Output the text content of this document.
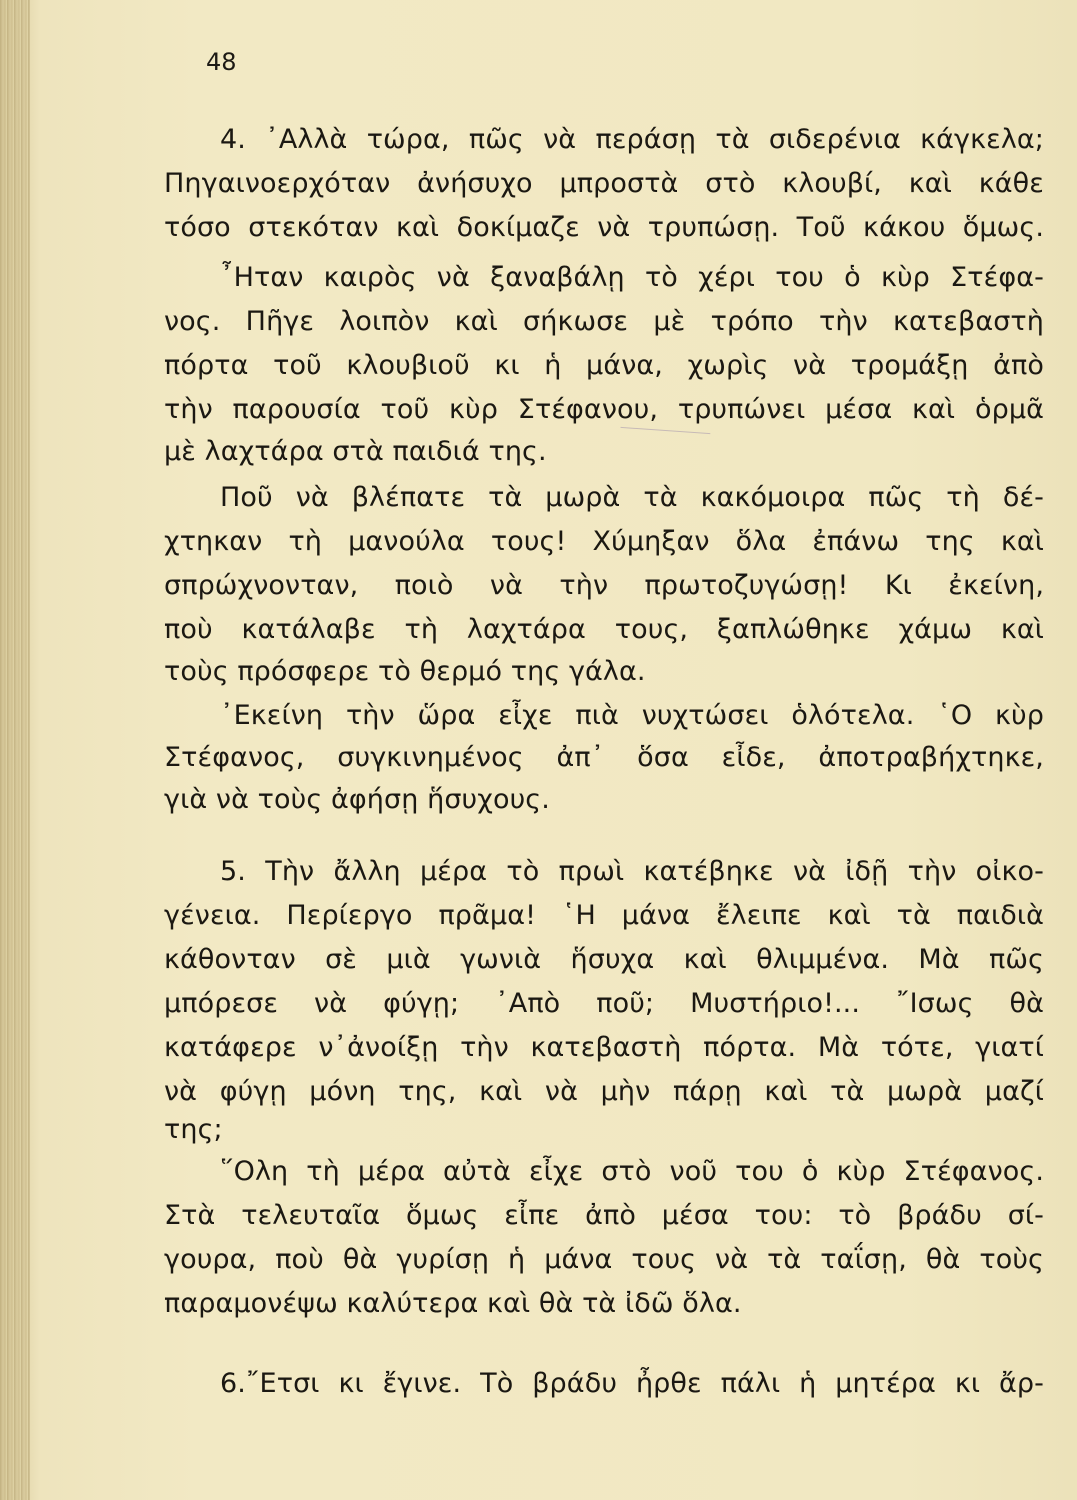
48
4. ᾿Αλλὰ τώρα, πῶς νὰ περάσῃ τὰ σιδερένια κάγκελα;
Πηγαινοερχόταν ἀνήσυχο μπροστὰ στὸ κλουβί, καὶ κάθε
τόσο στεκόταν καὶ δοκίμαζε νὰ τρυπώσῃ. Τοῦ κάκου ὅμως.
῏Ηταν καιρὸς νὰ ξαναβάλῃ τὸ χέρι του ὁ κὺρ Στέφα-
νος. Πῆγε λοιπὸν καὶ σήκωσε μὲ τρόπο τὴν κατεβαστὴ
πόρτα τοῦ κλουβιοῦ κι ἡ μάνα, χωρὶς νὰ τρομάξῃ ἀπὸ
τὴν παρουσία τοῦ κὺρ Στέφανου, τρυπώνει μέσα καὶ ὁρμᾶ
μὲ λαχτάρα στὰ παιδιά της.
Ποῦ νὰ βλέπατε τὰ μωρὰ τὰ κακόμοιρα πῶς τὴ δέ-
χτηκαν τὴ μανούλα τους! Χύμηξαν ὅλα ἐπάνω της καὶ
σπρώχνονταν, ποιὸ νὰ τὴν πρωτοζυγώσῃ! Κι ἐκείνη,
ποὺ κατάλαβε τὴ λαχτάρα τους, ξαπλώθηκε χάμω καὶ
τοὺς πρόσφερε τὸ θερμό της γάλα.
᾿Εκείνη τὴν ὥρα εἶχε πιὰ νυχτώσει ὁλότελα. ῾Ο κὺρ
Στέφανος, συγκινημένος ἀπ᾿ ὅσα εἶδε, ἀποτραβήχτηκε,
γιὰ νὰ τοὺς ἀφήσῃ ἥσυχους.
5. Τὴν ἄλλη μέρα τὸ πρωὶ κατέβηκε νὰ ἰδῇ τὴν οἰκο-
γένεια. Περίεργο πρᾶμα! ῾Η μάνα ἔλειπε καὶ τὰ παιδιὰ
κάθονταν σὲ μιὰ γωνιὰ ἥσυχα καὶ θλιμμένα. Μὰ πῶς
μπόρεσε νὰ φύγῃ; ᾿Απὸ ποῦ; Μυστήριο!... ῎Ισως θὰ
κατάφερε ν᾿ἀνοίξῃ τὴν κατεβαστὴ πόρτα. Μὰ τότε, γιατί
νὰ φύγῃ μόνη της, καὶ νὰ μὴν πάρῃ καὶ τὰ μωρὰ μαζί
της;
῞Ολη τὴ μέρα αὐτὰ εἶχε στὸ νοῦ του ὁ κὺρ Στέφανος.
Στὰ τελευταῖα ὅμως εἶπε ἀπὸ μέσα του: τὸ βράδυ σί-
γουρα, ποὺ θὰ γυρίσῃ ἡ μάνα τους νὰ τὰ ταΐσῃ, θὰ τοὺς
παραμονέψω καλύτερα καὶ θὰ τὰ ἰδῶ ὅλα.
6.῎Ετσι κι ἔγινε. Τὸ βράδυ ἦρθε πάλι ἡ μητέρα κι ἄρ-
